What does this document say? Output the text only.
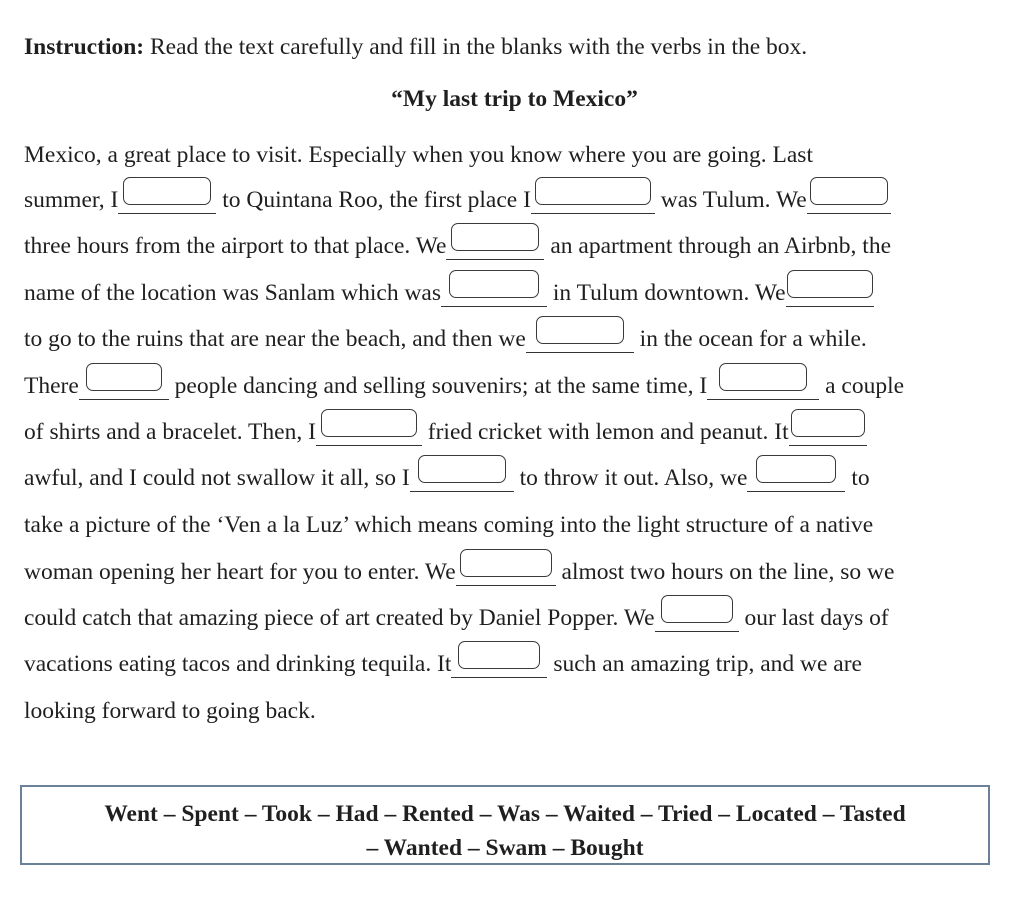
Instruction: Read the text carefully and fill in the blanks with the verbs in the box.
“My last trip to Mexico”
Mexico, a great place to visit. Especially when you know where you are going. Last
summer, I	to Quintana Roo, the first place I	was Tulum. We
three hours from the airport to that place. We	an apartment through an Airbnb, the
name of the location was Sanlam which was	in Tulum downtown. We
to go to the ruins that are near the beach, and then we	in the ocean for a while.
There	people dancing and selling souvenirs; at the same time, I	a couple
of shirts and a bracelet. Then, I	fried cricket with lemon and peanut. It
awful, and I could not swallow it all, so I	to throw it out. Also, we	to
take a picture of the ‘Ven a la Luz’ which means coming into the light structure of a native
woman opening her heart for you to enter. We	almost two hours on the line, so we
could catch that amazing piece of art created by Daniel Popper. We	our last days of
vacations eating tacos and drinking tequila. It	such an amazing trip, and we are
looking forward to going back.
Went – Spent – Took – Had – Rented – Was – Waited – Tried – Located – Tasted
– Wanted – Swam – Bought
